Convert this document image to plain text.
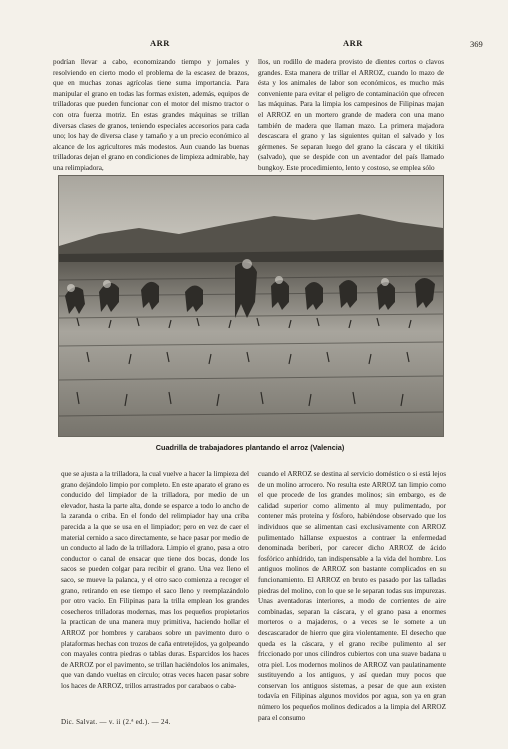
ARR	ARR	369

podrían llevar a cabo, economizando tiempo y jornales y resolviendo en cierto modo el problema de la escasez de brazos, que en muchas zonas agrícolas tiene suma importancia. Para manipular el grano en todas las formas existen, además, equipos de trilladoras que pueden funcionar con el motor del mismo tractor o con otra fuerza motriz. En estas grandes máquinas se trillan diversas clases de granos, teniendo especiales accesorios para cada uno; los hay de diversa clase y tamaño y a un precio económico al alcance de los agricultores más modestos. Aun cuando las buenas trilladoras dejan el grano en condiciones de limpieza admirable, hay una relimpiadora,

llos, un rodillo de madera provisto de dientes cortos o clavos grandes. Esta manera de trillar el ARROZ, cuando lo mazo de ésta y los animales de labor son económicos, es mucho más conveniente para evitar el peligro de contaminación que ofrecen las máquinas. Para la limpia los campesinos de Filipinas majan el ARROZ en un mortero grande de madera con una mano también de madera que llaman mazo. La primera majadora descascara el grano y las siguientes quitan el salvado y los gérmenes. Se separan luego del grano la cáscara y el tikitiki (salvado), que se despide con un aventador del país llamado bungkoy. Este procedimiento, lento y costoso, se emplea sólo

Cuadrilla de trabajadores plantando el arroz (Valencia)

que se ajusta a la trilladora, la cual vuelve a hacer la limpieza del grano dejándolo limpio por completo. En este aparato el grano es conducido del limpiador de la trilladora, por medio de un elevador, hasta la parte alta, donde se esparce a todo lo ancho de la zaranda o criba. En el fondo del relimpiador hay una criba parecida a la que se usa en el limpiador; pero en vez de caer el material cernido a saco directamente, se hace pasar por medio de un conducto al lado de la trilladora. Limpio el grano, pasa a otro conductor o canal de ensacar que tiene dos bocas, donde los sacos se pueden colgar para recibir el grano. Una vez lleno el saco, se mueve la palanca, y el otro saco comienza a recoger el grano, retirando en ese tiempo el saco lleno y reemplazándolo por otro vacío. En Filipinas para la trilla emplean los grandes cosecheros trilladoras modernas, mas los pequeños propietarios la practican de una manera muy primitiva, haciendo hollar el ARROZ por hombres y carabaos sobre un pavimento duro o plataformas hechas con trozos de caña entretejidos, ya golpeando con mayales contra piedras o tablas duras. Esparcidos los haces de ARROZ por el pavimento, se trillan haciéndolos los animales, que van dando vueltas en círculo; otras veces hacen pasar sobre los haces de ARROZ, trillos arrastrados por carabaos o caba-

cuando el ARROZ se destina al servicio doméstico o si está lejos de un molino arrocero. No resulta este ARROZ tan limpio como el que procede de los grandes molinos; sin embargo, es de calidad superior como alimento al muy pulimentado, por contener más proteína y fósforo, habiéndose observado que los individuos que se alimentan casi exclusivamente con ARROZ pulimentado hállanse expuestos a contraer la enfermedad denominada beriberi, por carecer dicho ARROZ de ácido fosfórico anhídrido, tan indispensable a la vida del hombre. Los antiguos molinos de ARROZ son bastante complicados en su funcionamiento. El ARROZ en bruto es pasado por las talladas piedras del molino, con lo que se le separan todas sus impurezas. Unas aventadoras interiores, a modo de corrientes de aire combinadas, separan la cáscara, y el grano pasa a enormes morteros o a majaderos, o a veces se le somete a un descascarador de hierro que gira violentamente. El desecho que queda es la cáscara, y el grano recibe pulimento al ser friccionado por unos cilindros cubiertos con una suave badana u otra piel. Los modernos molinos de ARROZ van paulatinamente sustituyendo a los antiguos, y así quedan muy pocos que conservan los antiguos sistemas, a pesar de que aun existen todavía en Filipinas algunos movidos por agua, son ya en gran número los pequeños molinos dedicados a la limpia del ARROZ para el consumo

Dic. Salvat. — v. ii (2.ª ed.). — 24.
